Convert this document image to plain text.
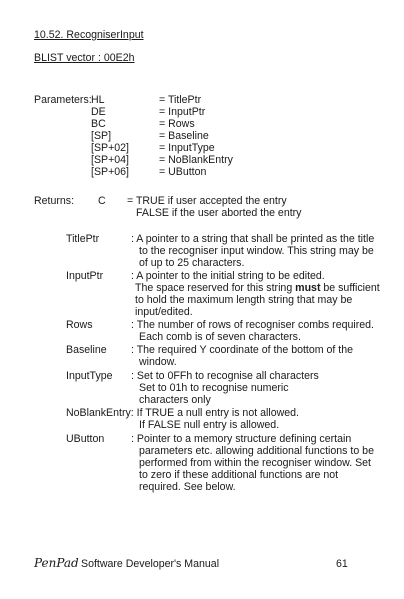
10.52. RecogniserInput
BLIST vector : 00E2h
Parameters: HL	= TitlePtr
DE	= InputPtr
BC	= Rows
[SP]	= Baseline
[SP+02]	= InputType
[SP+04]	= NoBlankEntry
[SP+06]	= UButton
Returns: C = TRUE if user accepted the entry
FALSE if the user aborted the entry
TitlePtr	: A pointer to a string that shall be printed as the title to the recogniser input window. This string may be of up to 25 characters.
InputPtr	: A pointer to the initial string to be edited.
The space reserved for this string must be sufficient to hold the maximum length string that may be input/edited.
Rows	: The number of rows of recogniser combs required. Each comb is of seven characters.
Baseline : The required Y coordinate of the bottom of the window.
InputType : Set to 0FFh to recognise all characters
Set to 01h to recognise numeric characters only
NoBlankEntry: If TRUE a null entry is not allowed.
If FALSE null entry is allowed.
UButton	: Pointer to a memory structure defining certain parameters etc. allowing additional functions to be performed from within the recogniser window. Set to zero if these additional functions are not required. See below.
PenPad Software Developer's Manual	61
